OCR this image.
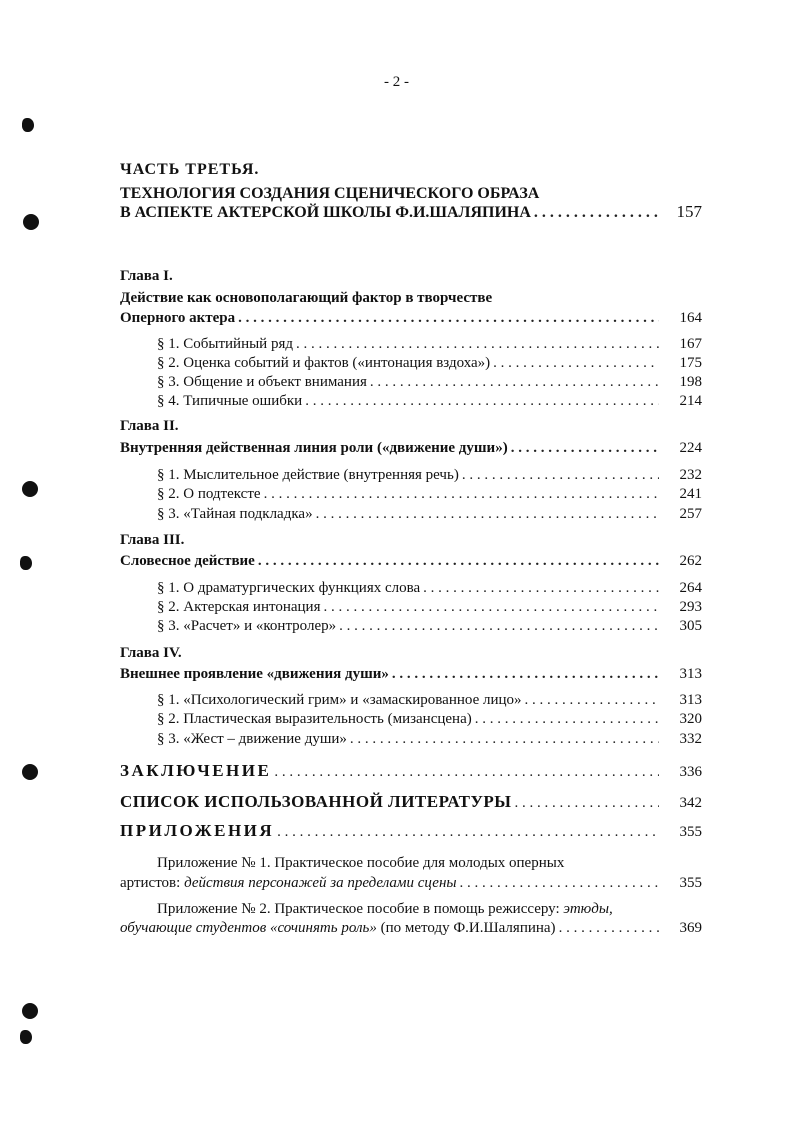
- 2 -
ЧАСТЬ ТРЕТЬЯ.
ТЕХНОЛОГИЯ СОЗДАНИЯ СЦЕНИЧЕСКОГО ОБРАЗА
В АСПЕКТЕ АКТЕРСКОЙ ШКОЛЫ Ф.И.ШАЛЯПИНА . . .	157
Глава I.
Действие как основополагающий фактор в творчестве
Оперного актера . . .	164
§ 1. Событийный ряд . . .	167
§ 2. Оценка событий и фактов («интонация вздоха») . . .	175
§ 3. Общение и объект внимания . . .	198
§ 4. Типичные ошибки . . .	214
Глава II.
Внутренняя действенная линия роли («движение души») . . .	224
§ 1. Мыслительное действие (внутренняя речь) . . .	232
§ 2. О подтексте . . .	241
§ 3. «Тайная подкладка» . . .	257
Глава III.
Словесное действие . . .	262
§ 1. О драматургических функциях слова . . .	264
§ 2. Актерская интонация . . .	293
§ 3. «Расчет» и «контролер» . . .	305
Глава IV.
Внешнее проявление «движения души» . . .	313
§ 1. «Психологический грим» и «замаскированное лицо» . . .	313
§ 2. Пластическая выразительность (мизансцена) . . .	320
§ 3. «Жест – движение души» . . .	332
ЗАКЛЮЧЕНИЕ . . .	336
СПИСОК ИСПОЛЬЗОВАННОЙ ЛИТЕРАТУРЫ . . .	342
ПРИЛОЖЕНИЯ . . .	355
Приложение № 1. Практическое пособие для молодых оперных
артистов: действия персонажей за пределами сцены . . .	355
Приложение № 2. Практическое пособие в помощь режиссеру: этюды,
обучающие студентов «сочинять роль» (по методу Ф.И.Шаляпина) . . .	369
